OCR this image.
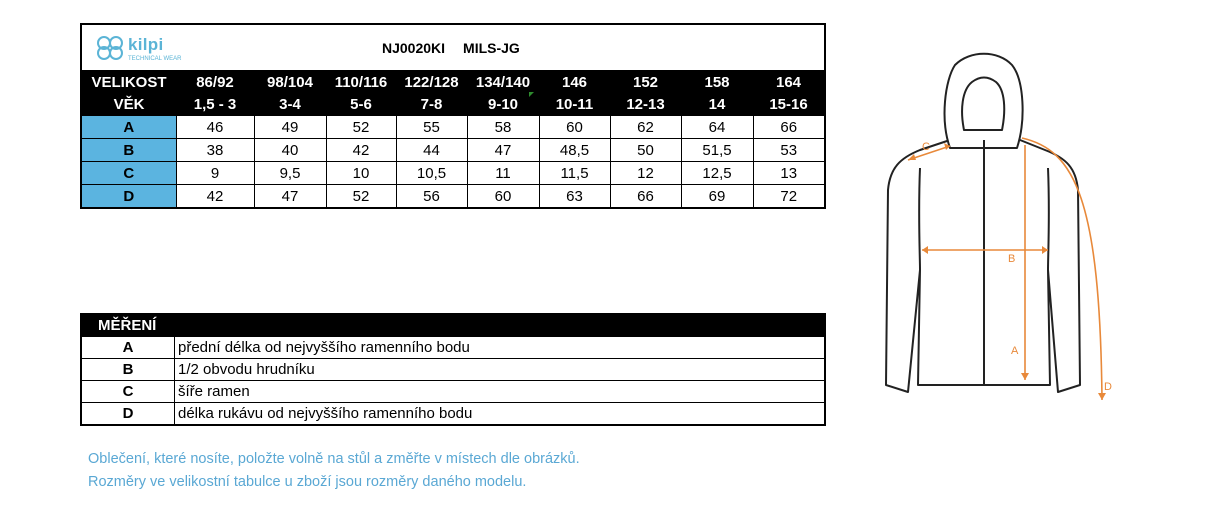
kilpi
TECHNICAL WEAR
NJ0020KI MILS-JG
VELIKOST	86/92	98/104	110/116	122/128	134/140	146	152	158	164
VĚK	1,5 - 3	3-4	5-6	7-8	9-10	10-11	12-13	14	15-16
A	46	49	52	55	58	60	62	64	66
B	38	40	42	44	47	48,5	50	51,5	53
C	9	9,5	10	10,5	11	11,5	12	12,5	13
D	42	47	52	56	60	63	66	69	72
MĚŘENÍ
A	přední délka od nejvyššího ramenního bodu
B	1/2 obvodu hrudníku
C	šíře ramen
D	délka rukávu od nejvyššího ramenního bodu
Oblečení, které nosíte, položte volně na stůl a změřte v místech dle obrázků.
Rozměry ve velikostní tabulce u zboží jsou rozměry daného modelu.
C
B
A
D
